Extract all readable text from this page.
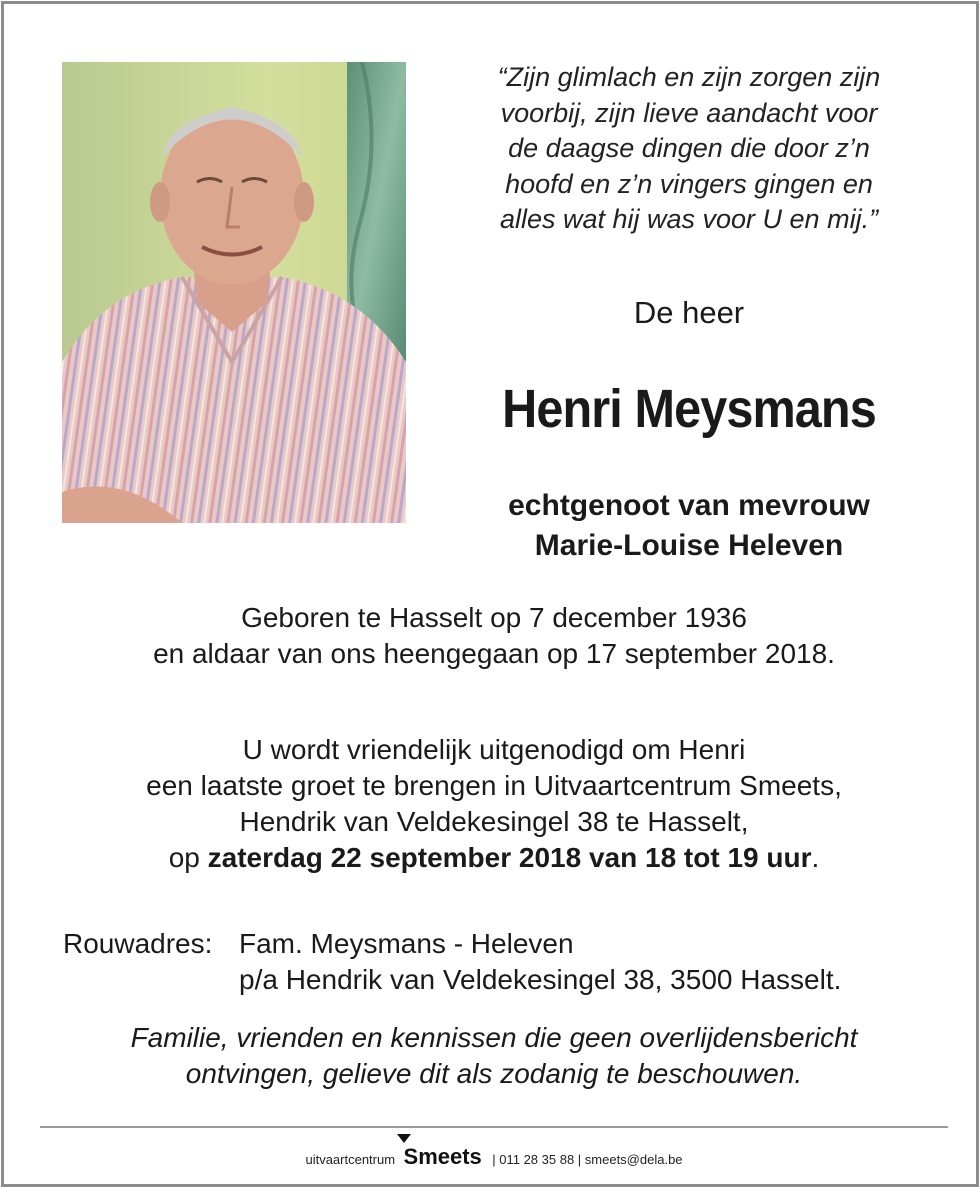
“Zijn glimlach en zijn zorgen zijn
voorbij, zijn lieve aandacht voor
de daagse dingen die door z’n
hoofd en z’n vingers gingen en
alles wat hij was voor U en mij.”
De heer
Henri Meysmans
echtgenoot van mevrouw
Marie-Louise Heleven
Geboren te Hasselt op 7 december 1936
en aldaar van ons heengegaan op 17 september 2018.
U wordt vriendelijk uitgenodigd om Henri
een laatste groet te brengen in Uitvaartcentrum Smeets,
Hendrik van Veldekesingel 38 te Hasselt,
op zaterdag 22 september 2018 van 18 tot 19 uur.
Rouwadres: Fam. Meysmans - Heleven
p/a Hendrik van Veldekesingel 38, 3500 Hasselt.
Familie, vrienden en kennissen die geen overlijdensbericht
ontvingen, gelieve dit als zodanig te beschouwen.
uitvaartcentrum Smeets | 011 28 35 88 | smeets@dela.be
